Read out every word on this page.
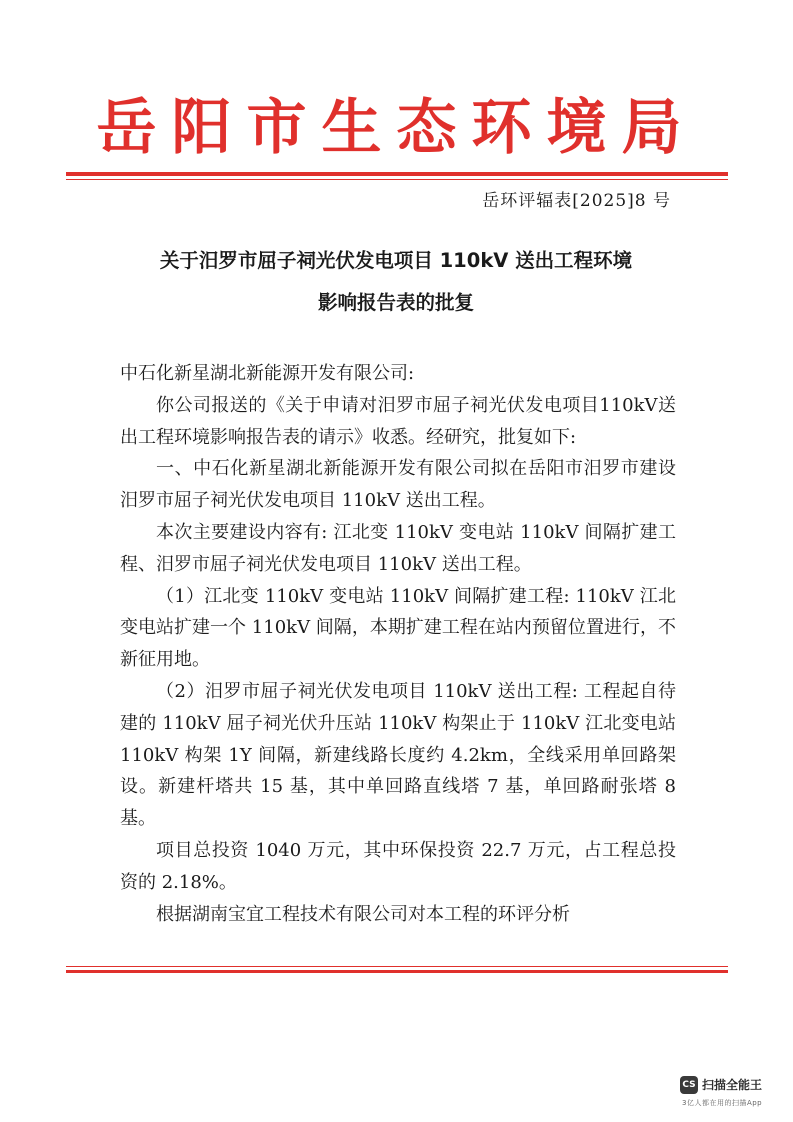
岳阳市生态环境局
岳环评辐表[2025]8 号
关于汨罗市屈子祠光伏发电项目 110kV 送出工程环境
影响报告表的批复
中石化新星湖北新能源开发有限公司:
你公司报送的《关于申请对汨罗市屈子祠光伏发电项目110kV送出工程环境影响报告表的请示》收悉。经研究，批复如下:
一、中石化新星湖北新能源开发有限公司拟在岳阳市汨罗市建设汨罗市屈子祠光伏发电项目 110kV 送出工程。
本次主要建设内容有: 江北变 110kV 变电站 110kV 间隔扩建工程、汨罗市屈子祠光伏发电项目 110kV 送出工程。
（1）江北变 110kV 变电站 110kV 间隔扩建工程: 110kV 江北变电站扩建一个 110kV 间隔，本期扩建工程在站内预留位置进行，不新征用地。
（2）汨罗市屈子祠光伏发电项目 110kV 送出工程: 工程起自待建的 110kV 屈子祠光伏升压站 110kV 构架止于 110kV 江北变电站 110kV 构架 1Y 间隔，新建线路长度约 4.2km，全线采用单回路架设。新建杆塔共 15 基，其中单回路直线塔 7 基，单回路耐张塔 8 基。
项目总投资 1040 万元，其中环保投资 22.7 万元，占工程总投资的 2.18%。
根据湖南宝宜工程技术有限公司对本工程的环评分析
CS 扫描全能王
3亿人都在用的扫描App
